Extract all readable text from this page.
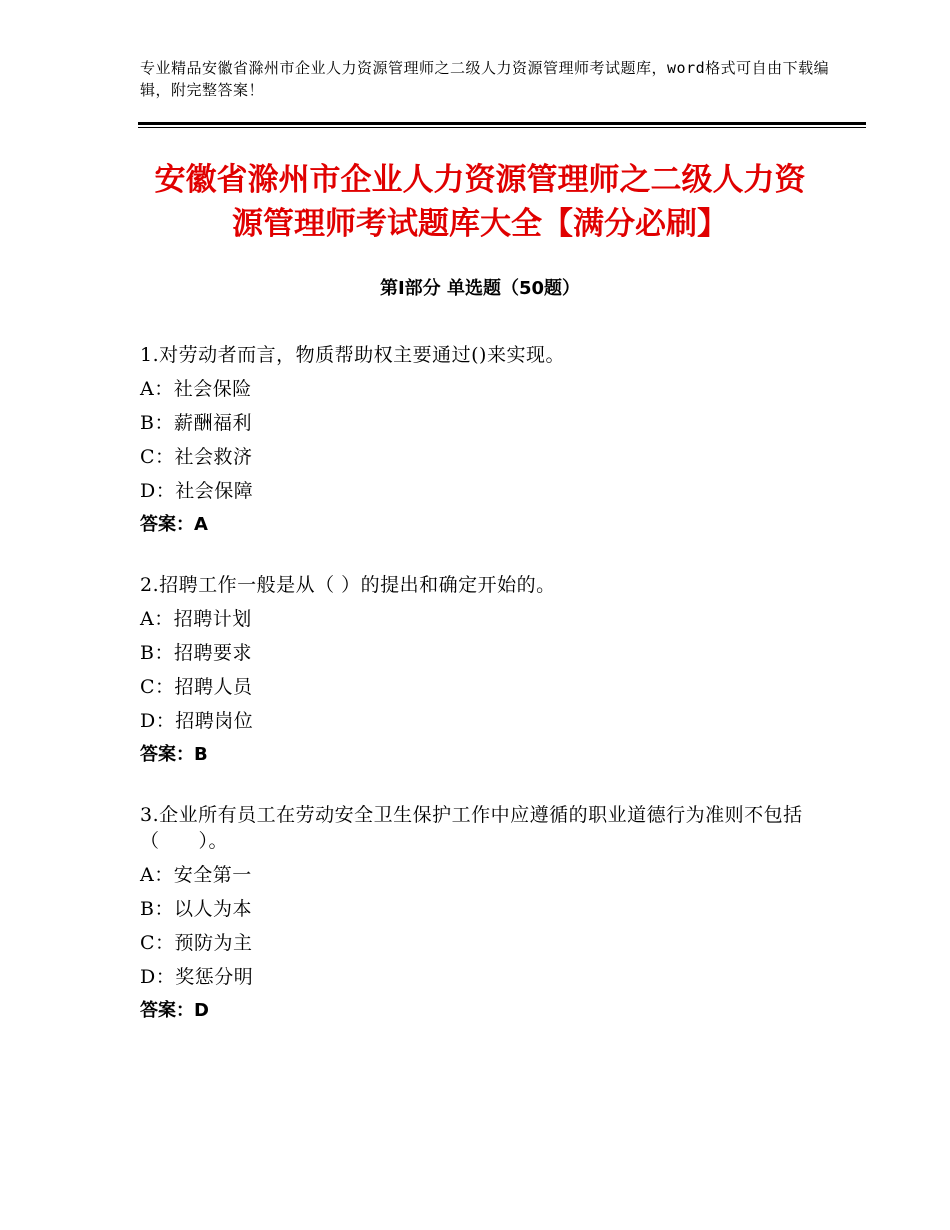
专业精品安徽省滁州市企业人力资源管理师之二级人力资源管理师考试题库，word格式可自由下载编辑，附完整答案！
安徽省滁州市企业人力资源管理师之二级人力资源管理师考试题库大全【满分必刷】
第Ⅰ部分 单选题（50题）
1.对劳动者而言，物质帮助权主要通过()来实现。
A：社会保险
B：薪酬福利
C：社会救济
D：社会保障
答案：A
2.招聘工作一般是从（ ）的提出和确定开始的。
A：招聘计划
B：招聘要求
C：招聘人员
D：招聘岗位
答案：B
3.企业所有员工在劳动安全卫生保护工作中应遵循的职业道德行为准则不包括（　　）。
A：安全第一
B：以人为本
C：预防为主
D：奖惩分明
答案：D
